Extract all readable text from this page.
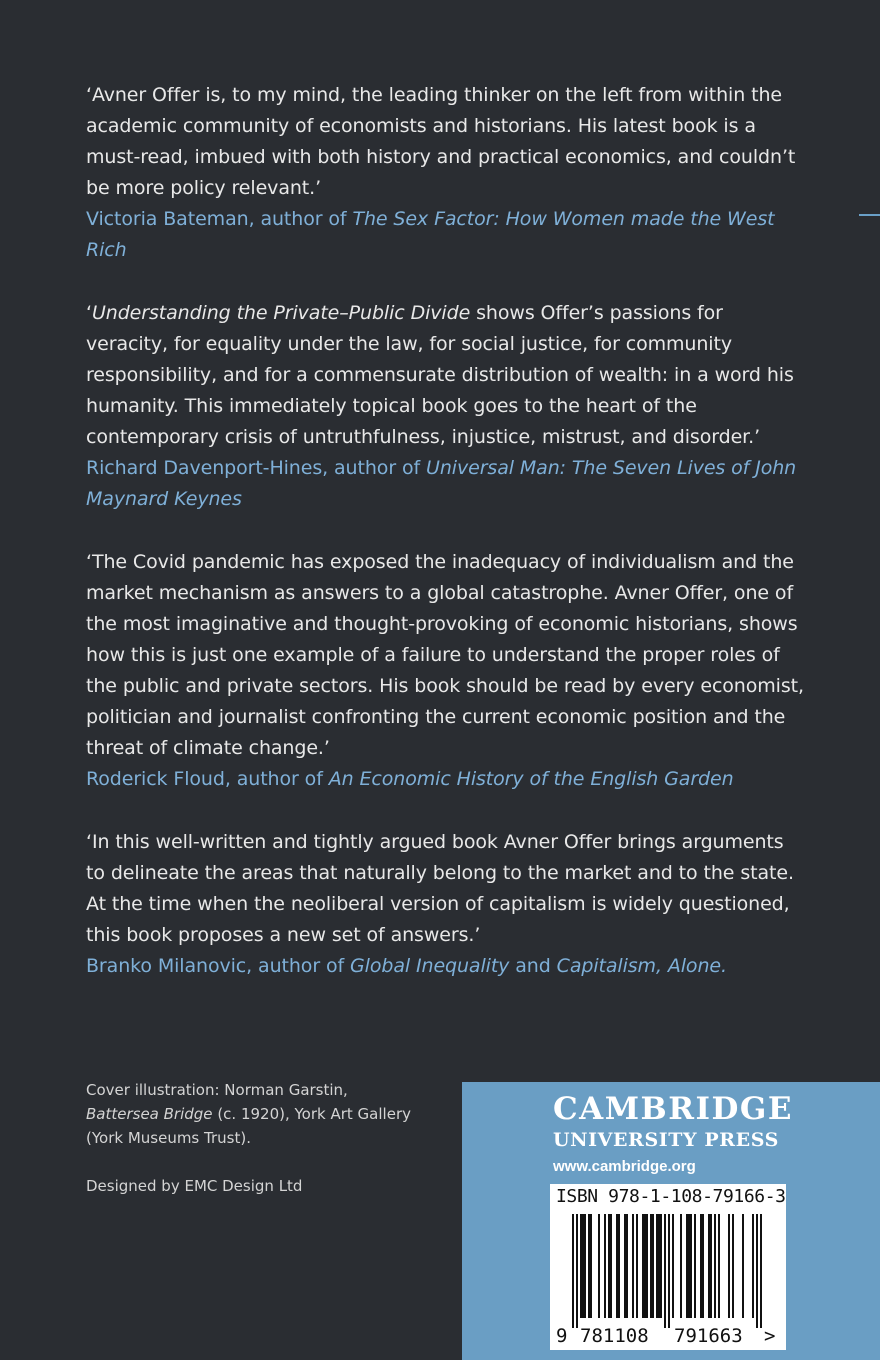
‘Avner Offer is, to my mind, the leading thinker on the left from within the academic community of economists and historians. His latest book is a must-read, imbued with both history and practical economics, and couldn’t be more policy relevant.’

Victoria Bateman, author of The Sex Factor: How Women made the West Rich

‘Understanding the Private–Public Divide shows Offer’s passions for veracity, for equality under the law, for social justice, for community responsibility, and for a commensurate distribution of wealth: in a word his humanity. This immediately topical book goes to the heart of the contemporary crisis of untruthfulness, injustice, mistrust, and disorder.’

Richard Davenport-Hines, author of Universal Man: The Seven Lives of John Maynard Keynes

‘The Covid pandemic has exposed the inadequacy of individualism and the market mechanism as answers to a global catastrophe. Avner Offer, one of the most imaginative and thought-provoking of economic historians, shows how this is just one example of a failure to understand the proper roles of the public and private sectors. His book should be read by every economist, politician and journalist confronting the current economic position and the threat of climate change.’

Roderick Floud, author of An Economic History of the English Garden

‘In this well-written and tightly argued book Avner Offer brings arguments to delineate the areas that naturally belong to the market and to the state. At the time when the neoliberal version of capitalism is widely questioned, this book proposes a new set of answers.’

Branko Milanovic, author of Global Inequality and Capitalism, Alone.

Cover illustration: Norman Garstin,

Battersea Bridge (c. 1920), York Art Gallery

(York Museums Trust).

Designed by EMC Design Ltd

CAMBRIDGE
UNIVERSITY PRESS
www.cambridge.org
ISBN 978-1-108-79166-3
9 781108 791663 >
